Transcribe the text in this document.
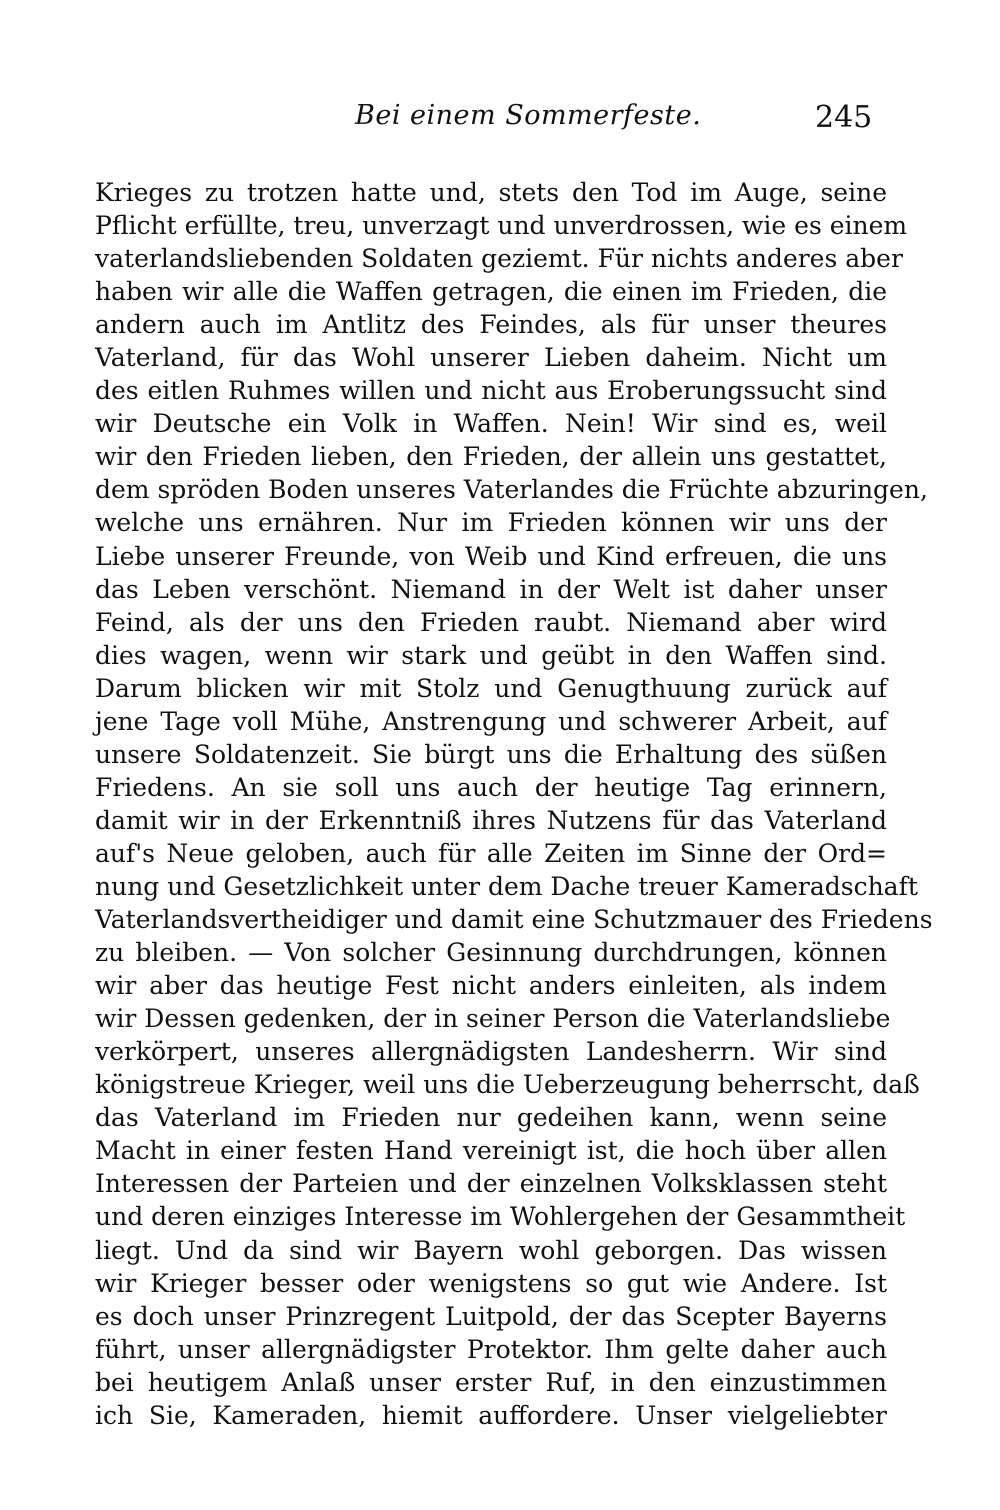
Bei einem Sommerfeste.	245
Krieges zu trotzen hatte und, stets den Tod im Auge, seine
Pflicht erfüllte, treu, unverzagt und unverdrossen, wie es einem
vaterlandsliebenden Soldaten geziemt. Für nichts anderes aber
haben wir alle die Waffen getragen, die einen im Frieden, die
andern auch im Antlitz des Feindes, als für unser theures
Vaterland, für das Wohl unserer Lieben daheim. Nicht um
des eitlen Ruhmes willen und nicht aus Eroberungssucht sind
wir Deutsche ein Volk in Waffen. Nein! Wir sind es, weil
wir den Frieden lieben, den Frieden, der allein uns gestattet,
dem spröden Boden unseres Vaterlandes die Früchte abzuringen,
welche uns ernähren. Nur im Frieden können wir uns der
Liebe unserer Freunde, von Weib und Kind erfreuen, die uns
das Leben verschönt. Niemand in der Welt ist daher unser
Feind, als der uns den Frieden raubt. Niemand aber wird
dies wagen, wenn wir stark und geübt in den Waffen sind.
Darum blicken wir mit Stolz und Genugthuung zurück auf
jene Tage voll Mühe, Anstrengung und schwerer Arbeit, auf
unsere Soldatenzeit. Sie bürgt uns die Erhaltung des süßen
Friedens. An sie soll uns auch der heutige Tag erinnern,
damit wir in der Erkenntniß ihres Nutzens für das Vaterland
auf's Neue geloben, auch für alle Zeiten im Sinne der Ord=
nung und Gesetzlichkeit unter dem Dache treuer Kameradschaft
Vaterlandsvertheidiger und damit eine Schutzmauer des Friedens
zu bleiben. — Von solcher Gesinnung durchdrungen, können
wir aber das heutige Fest nicht anders einleiten, als indem
wir Dessen gedenken, der in seiner Person die Vaterlandsliebe
verkörpert, unseres allergnädigsten Landesherrn. Wir sind
königstreue Krieger, weil uns die Ueberzeugung beherrscht, daß
das Vaterland im Frieden nur gedeihen kann, wenn seine
Macht in einer festen Hand vereinigt ist, die hoch über allen
Interessen der Parteien und der einzelnen Volksklassen steht
und deren einziges Interesse im Wohlergehen der Gesammtheit
liegt. Und da sind wir Bayern wohl geborgen. Das wissen
wir Krieger besser oder wenigstens so gut wie Andere. Ist
es doch unser Prinzregent Luitpold, der das Scepter Bayerns
führt, unser allergnädigster Protektor. Ihm gelte daher auch
bei heutigem Anlaß unser erster Ruf, in den einzustimmen
ich Sie, Kameraden, hiemit auffordere. Unser vielgeliebter
